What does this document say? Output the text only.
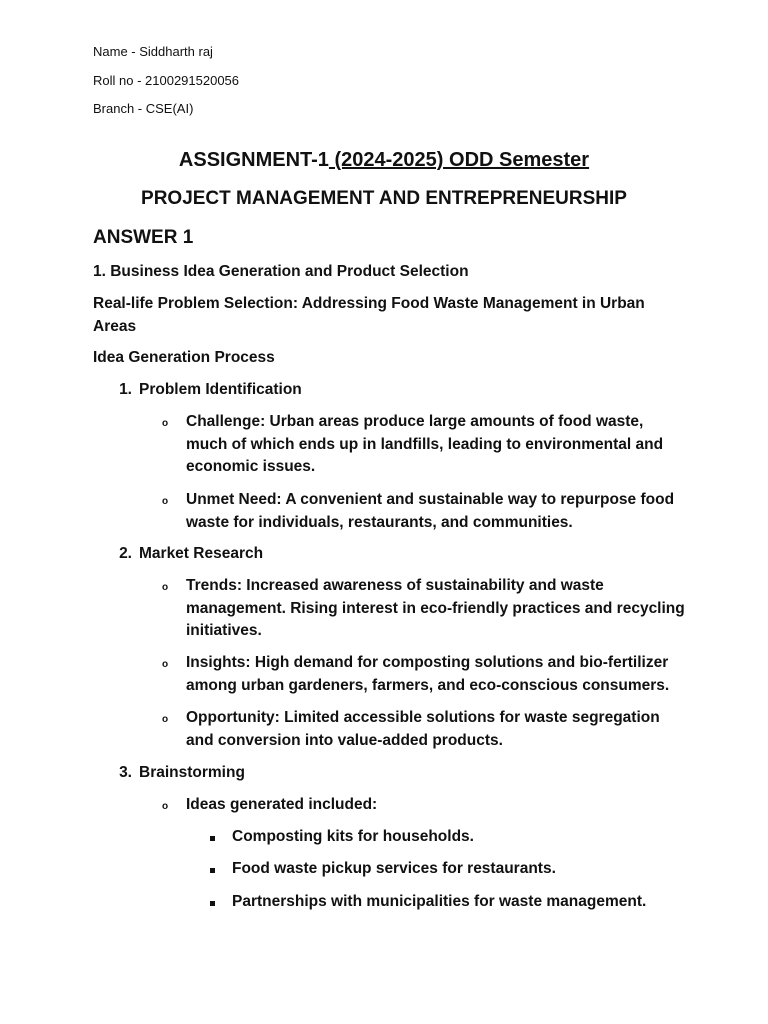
Name - Siddharth raj
Roll no - 2100291520056
Branch - CSE(AI)
ASSIGNMENT-1 (2024-2025) ODD Semester
PROJECT MANAGEMENT AND ENTREPRENEURSHIP
ANSWER 1
1. Business Idea Generation and Product Selection
Real-life Problem Selection: Addressing Food Waste Management in Urban Areas
Idea Generation Process
1. Problem Identification
o Challenge: Urban areas produce large amounts of food waste, much of which ends up in landfills, leading to environmental and economic issues.
o Unmet Need: A convenient and sustainable way to repurpose food waste for individuals, restaurants, and communities.
2. Market Research
o Trends: Increased awareness of sustainability and waste management. Rising interest in eco-friendly practices and recycling initiatives.
o Insights: High demand for composting solutions and bio-fertilizer among urban gardeners, farmers, and eco-conscious consumers.
o Opportunity: Limited accessible solutions for waste segregation and conversion into value-added products.
3. Brainstorming
o Ideas generated included:
Composting kits for households.
Food waste pickup services for restaurants.
Partnerships with municipalities for waste management.
